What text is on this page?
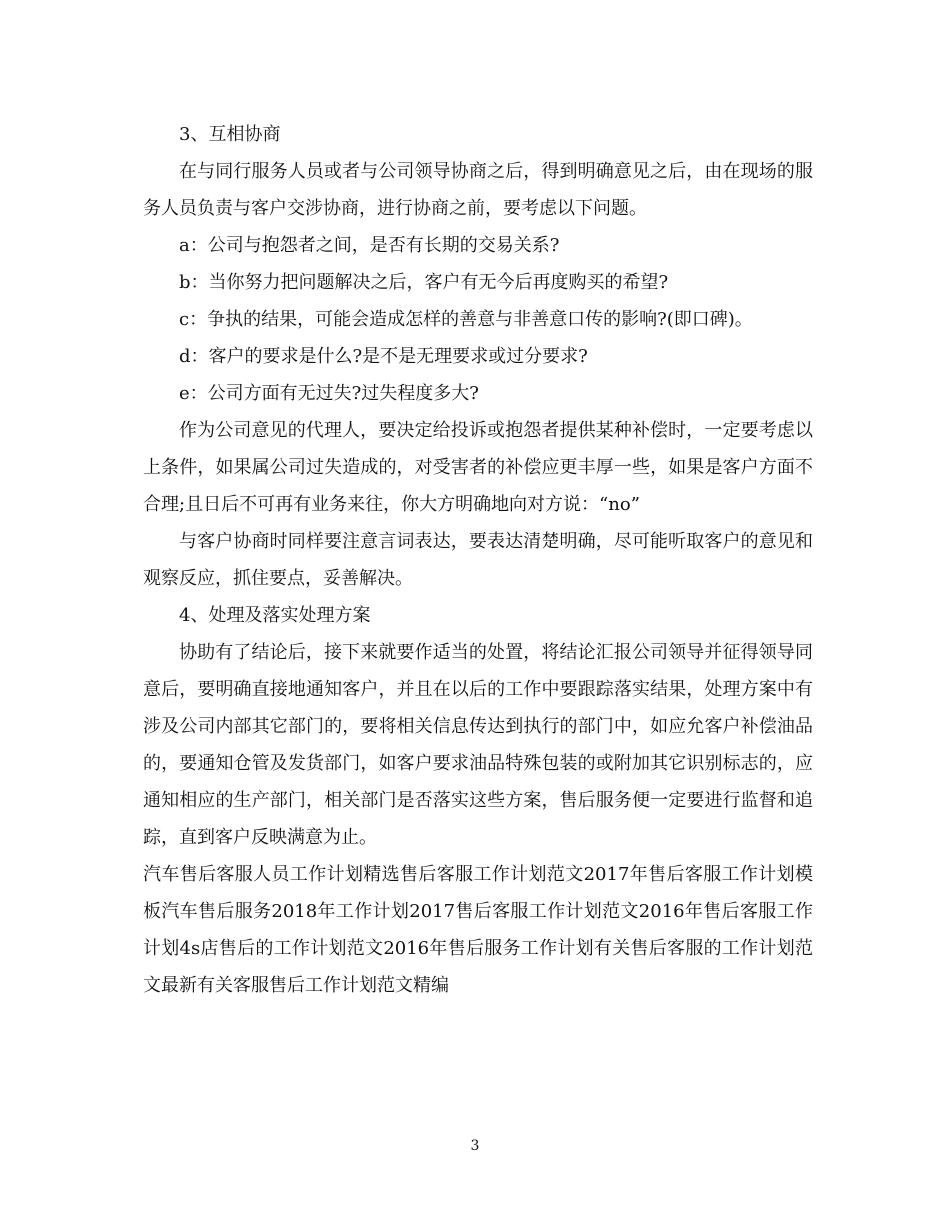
3、互相协商

在与同行服务人员或者与公司领导协商之后，得到明确意见之后，由在现场的服务人员负责与客户交涉协商，进行协商之前，要考虑以下问题。

a：公司与抱怨者之间，是否有长期的交易关系?

b：当你努力把问题解决之后，客户有无今后再度购买的希望?

c：争执的结果，可能会造成怎样的善意与非善意口传的影响?(即口碑)。

d：客户的要求是什么?是不是无理要求或过分要求?

e：公司方面有无过失?过失程度多大?

作为公司意见的代理人，要决定给投诉或抱怨者提供某种补偿时，一定要考虑以上条件，如果属公司过失造成的，对受害者的补偿应更丰厚一些，如果是客户方面不合理;且日后不可再有业务来往，你大方明确地向对方说：“no”

与客户协商时同样要注意言词表达，要表达清楚明确，尽可能听取客户的意见和观察反应，抓住要点，妥善解决。

4、处理及落实处理方案

协助有了结论后，接下来就要作适当的处置，将结论汇报公司领导并征得领导同意后，要明确直接地通知客户，并且在以后的工作中要跟踪落实结果，处理方案中有涉及公司内部其它部门的，要将相关信息传达到执行的部门中，如应允客户补偿油品的，要通知仓管及发货部门，如客户要求油品特殊包装的或附加其它识别标志的，应通知相应的生产部门，相关部门是否落实这些方案，售后服务便一定要进行监督和追踪，直到客户反映满意为止。

汽车售后客服人员工作计划精选售后客服工作计划范文2017年售后客服工作计划模板汽车售后服务2018年工作计划2017售后客服工作计划范文2016年售后客服工作计划4s店售后的工作计划范文2016年售后服务工作计划有关售后客服的工作计划范文最新有关客服售后工作计划范文精编

3
